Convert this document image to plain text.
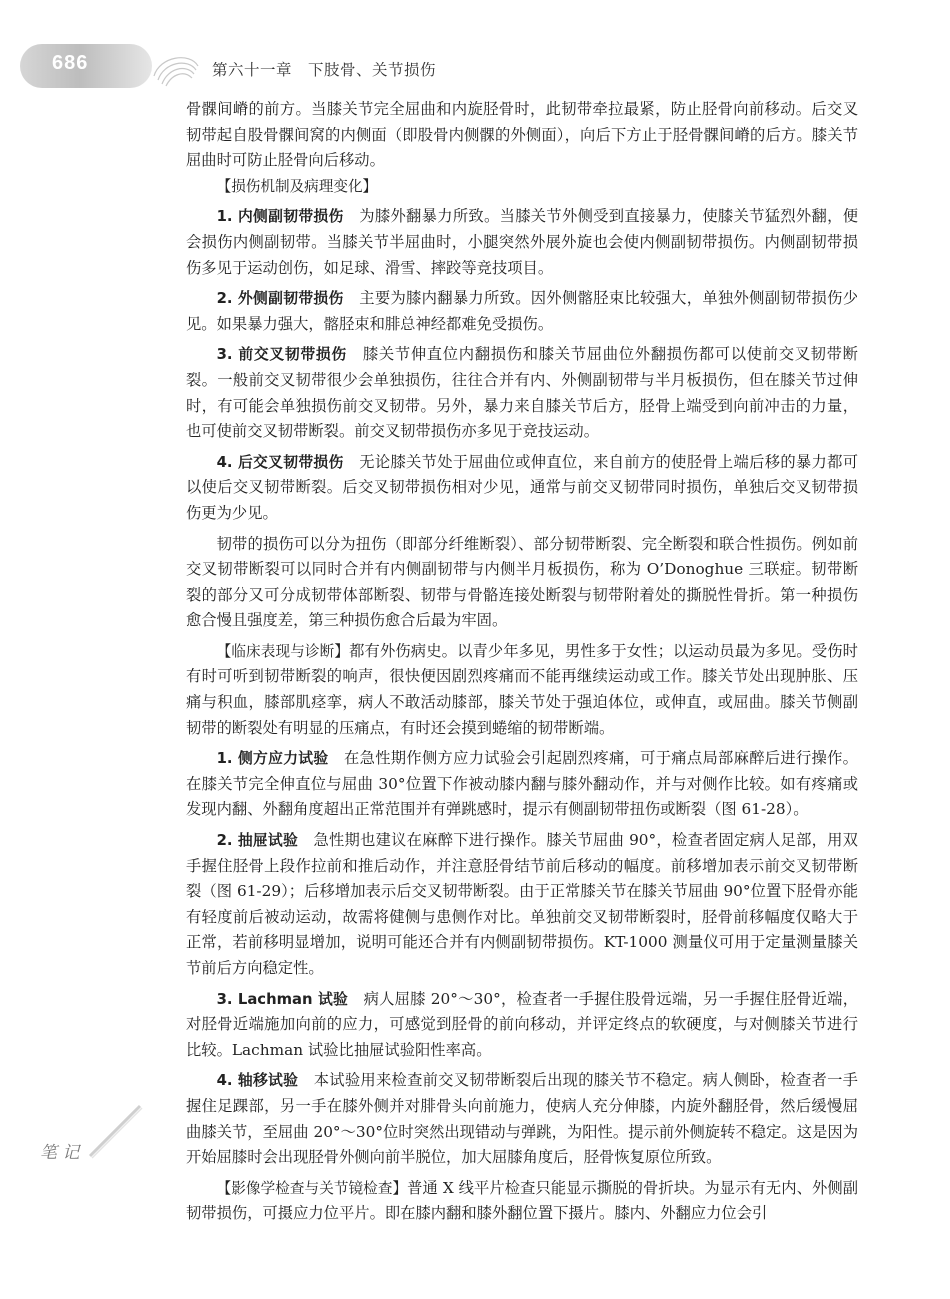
686	第六十一章　下肢骨、关节损伤

骨髁间嵴的前方。当膝关节完全屈曲和内旋胫骨时，此韧带牵拉最紧，防止胫骨向前移动。后交叉韧带起自股骨髁间窝的内侧面（即股骨内侧髁的外侧面），向后下方止于胫骨髁间嵴的后方。膝关节屈曲时可防止胫骨向后移动。

【损伤机制及病理变化】

1. 内侧副韧带损伤　 为膝外翻暴力所致。当膝关节外侧受到直接暴力，使膝关节猛烈外翻，便会损伤内侧副韧带。当膝关节半屈曲时，小腿突然外展外旋也会使内侧副韧带损伤。内侧副韧带损伤多见于运动创伤，如足球、滑雪、摔跤等竞技项目。

2. 外侧副韧带损伤　 主要为膝内翻暴力所致。因外侧髂胫束比较强大，单独外侧副韧带损伤少见。如果暴力强大，髂胫束和腓总神经都难免受损伤。

3. 前交叉韧带损伤　 膝关节伸直位内翻损伤和膝关节屈曲位外翻损伤都可以使前交叉韧带断裂。一般前交叉韧带很少会单独损伤，往往合并有内、外侧副韧带与半月板损伤，但在膝关节过伸时，有可能会单独损伤前交叉韧带。另外，暴力来自膝关节后方，胫骨上端受到向前冲击的力量，也可使前交叉韧带断裂。前交叉韧带损伤亦多见于竞技运动。

4. 后交叉韧带损伤　 无论膝关节处于屈曲位或伸直位，来自前方的使胫骨上端后移的暴力都可以使后交叉韧带断裂。后交叉韧带损伤相对少见，通常与前交叉韧带同时损伤，单独后交叉韧带损伤更为少见。

韧带的损伤可以分为扭伤（即部分纤维断裂）、部分韧带断裂、完全断裂和联合性损伤。例如前交叉韧带断裂可以同时合并有内侧副韧带与内侧半月板损伤，称为 O’Donoghue 三联症。韧带断裂的部分又可分成韧带体部断裂、韧带与骨骼连接处断裂与韧带附着处的撕脱性骨折。第一种损伤愈合慢且强度差，第三种损伤愈合后最为牢固。

【临床表现与诊断】都有外伤病史。以青少年多见，男性多于女性；以运动员最为多见。受伤时有时可听到韧带断裂的响声，很快便因剧烈疼痛而不能再继续运动或工作。膝关节处出现肿胀、压痛与积血，膝部肌痉挛，病人不敢活动膝部，膝关节处于强迫体位，或伸直，或屈曲。膝关节侧副韧带的断裂处有明显的压痛点，有时还会摸到蜷缩的韧带断端。

1. 侧方应力试验　 在急性期作侧方应力试验会引起剧烈疼痛，可于痛点局部麻醉后进行操作。在膝关节完全伸直位与屈曲 30°位置下作被动膝内翻与膝外翻动作，并与对侧作比较。如有疼痛或发现内翻、外翻角度超出正常范围并有弹跳感时，提示有侧副韧带扭伤或断裂（图 61-28）。

2. 抽屉试验　 急性期也建议在麻醉下进行操作。膝关节屈曲 90°，检查者固定病人足部，用双手握住胫骨上段作拉前和推后动作，并注意胫骨结节前后移动的幅度。前移增加表示前交叉韧带断裂（图 61-29）；后移增加表示后交叉韧带断裂。由于正常膝关节在膝关节屈曲 90°位置下胫骨亦能有轻度前后被动运动，故需将健侧与患侧作对比。单独前交叉韧带断裂时，胫骨前移幅度仅略大于正常，若前移明显增加，说明可能还合并有内侧副韧带损伤。KT-1000 测量仪可用于定量测量膝关节前后方向稳定性。

3. Lachman 试验　 病人屈膝 20°～30°，检查者一手握住股骨远端，另一手握住胫骨近端，对胫骨近端施加向前的应力，可感觉到胫骨的前向移动，并评定终点的软硬度，与对侧膝关节进行比较。Lachman 试验比抽屉试验阳性率高。

4. 轴移试验　 本试验用来检查前交叉韧带断裂后出现的膝关节不稳定。病人侧卧，检查者一手握住足踝部，另一手在膝外侧并对腓骨头向前施力，使病人充分伸膝，内旋外翻胫骨，然后缓慢屈曲膝关节，至屈曲 20°～30°位时突然出现错动与弹跳，为阳性。提示前外侧旋转不稳定。这是因为开始屈膝时会出现胫骨外侧向前半脱位，加大屈膝角度后，胫骨恢复原位所致。

【影像学检查与关节镜检查】普通 X 线平片检查只能显示撕脱的骨折块。为显示有无内、外侧副韧带损伤，可摄应力位平片。即在膝内翻和膝外翻位置下摄片。膝内、外翻应力位会引

笔 记
